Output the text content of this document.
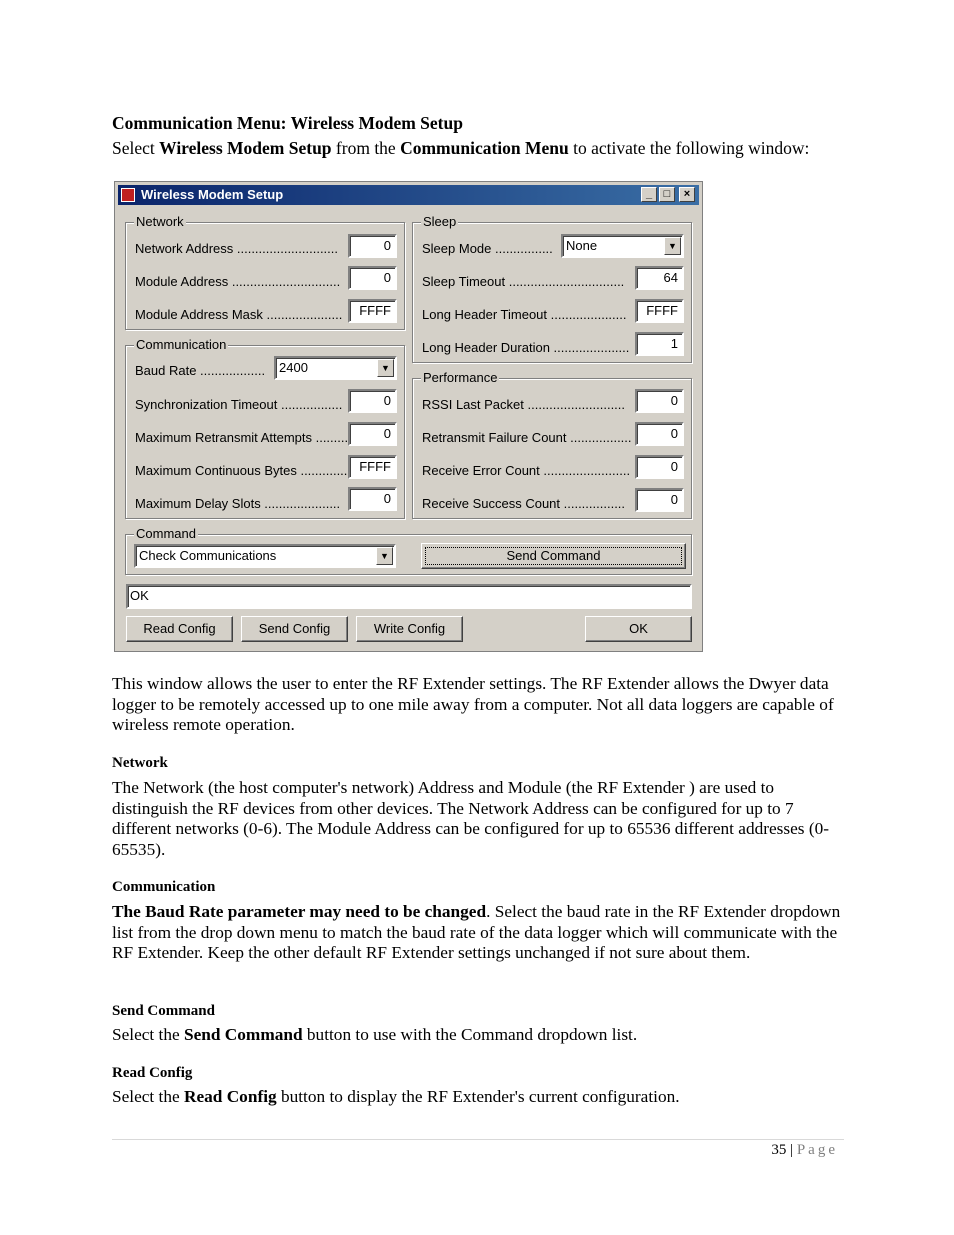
Communication Menu: Wireless Modem Setup
Select Wireless Modem Setup from the Communication Menu to activate the following window:
Wireless Modem Setup	_	□	×
Network
Network Address ............................	0
Module Address ..............................	0
Module Address Mask .....................	FFFF
Communication
Baud Rate ..................	2400	▼
Synchronization Timeout .................	0
Maximum Retransmit Attempts .........	0
Maximum Continuous Bytes ............. FFFF
Maximum Delay Slots .....................	0
Sleep
Sleep Mode ................	None	▼
Sleep Timeout ................................	64
Long Header Timeout .....................	FFFF
Long Header Duration .....................	1
Performance
RSSI Last Packet ...........................	0
Retransmit Failure Count .................	0
Receive Error Count ........................	0
Receive Success Count .................	0
Command
Check Communications	▼	Send Command
OK
Read Config	Send Config	Write Config	OK
This window allows the user to enter the RF Extender settings. The RF Extender allows the Dwyer data logger to be remotely accessed up to one mile away from a computer. Not all data loggers are capable of wireless remote operation.
Network
The Network (the host computer's network) Address and Module (the RF Extender ) are used to distinguish the RF devices from other devices. The Network Address can be configured for up to 7 different networks (0-6). The Module Address can be configured for up to 65536 different addresses (0-65535).
Communication
The Baud Rate parameter may need to be changed. Select the baud rate in the RF Extender dropdown list from the drop down menu to match the baud rate of the data logger which will communicate with the RF Extender. Keep the other default RF Extender settings unchanged if not sure about them.
Send Command
Select the Send Command button to use with the Command dropdown list.
Read Config
Select the Read Config button to display the RF Extender's current configuration.
35 | Page
